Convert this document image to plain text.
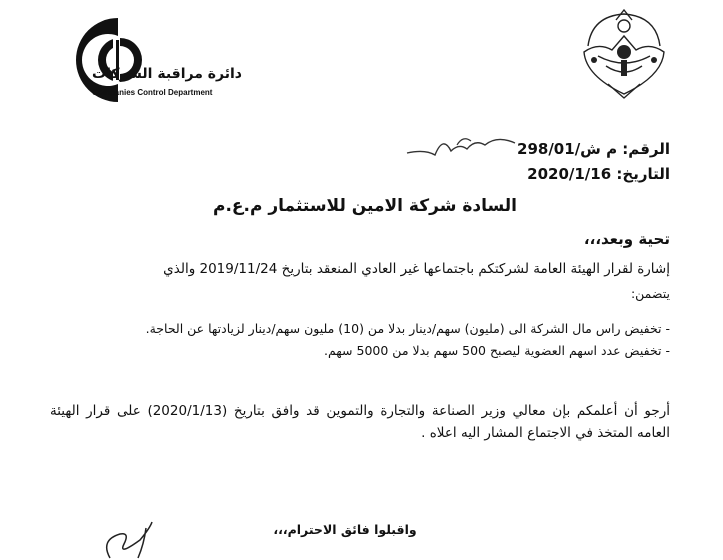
دائرة مراقبة الشركات
Companies Control Department
الرقم: م ش/298/01
التاريخ: 2020/1/16
السادة شركة الامين للاستثمار م.ع.م
تحية وبعد،،،
إشارة لقرار الهيئة العامة لشركتكم باجتماعها غير العادي المنعقد بتاريخ 2019/11/24 والذي
يتضمن:
- تخفيض راس مال الشركة الى (مليون) سهم/دينار بدلا من (10) مليون سهم/دينار لزيادتها عن الحاجة.
- تخفيض عدد اسهم العضوية ليصبح 500 سهم بدلا من 5000 سهم.
أرجو أن أعلمكم بإن معالي وزير الصناعة والتجارة والتموين قد وافق بتاريخ (2020/1/13) على قرار الهيئة العامه المتخذ في الاجتماع المشار اليه اعلاه .
واقبلوا فائق الاحترام،،،
